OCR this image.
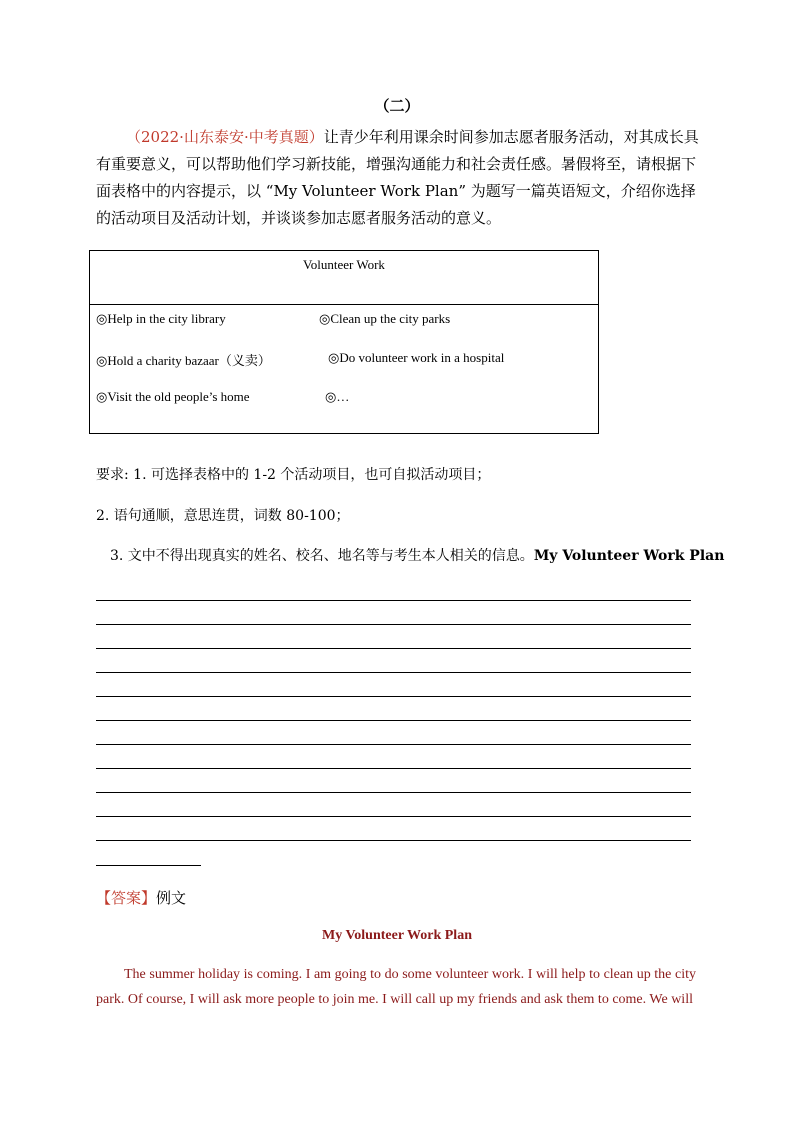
（二）
（2022·山东泰安·中考真题）让青少年利用课余时间参加志愿者服务活动，对其成长具有重要意义，可以帮助他们学习新技能，增强沟通能力和社会责任感。暑假将至，请根据下面表格中的内容提示，以 “My Volunteer Work Plan” 为题写一篇英语短文，介绍你选择的活动项目及活动计划，并谈谈参加志愿者服务活动的意义。
Volunteer Work

◎Help in the city library	◎Clean up the city parks
◎Hold a charity bazaar（义卖）	◎Do volunteer work in a hospital
◎Visit the old people’s home	◎…
要求: 1. 可选择表格中的 1-2 个活动项目，也可自拟活动项目；
2. 语句通顺，意思连贯，词数 80-100；
3. 文中不得出现真实的姓名、校名、地名等与考生本人相关的信息。My Volunteer Work Plan
【答案】例文
My Volunteer Work Plan
The summer holiday is coming. I am going to do some volunteer work. I will help to clean up the city park. Of course, I will ask more people to join me. I will call up my friends and ask them to come. We will
